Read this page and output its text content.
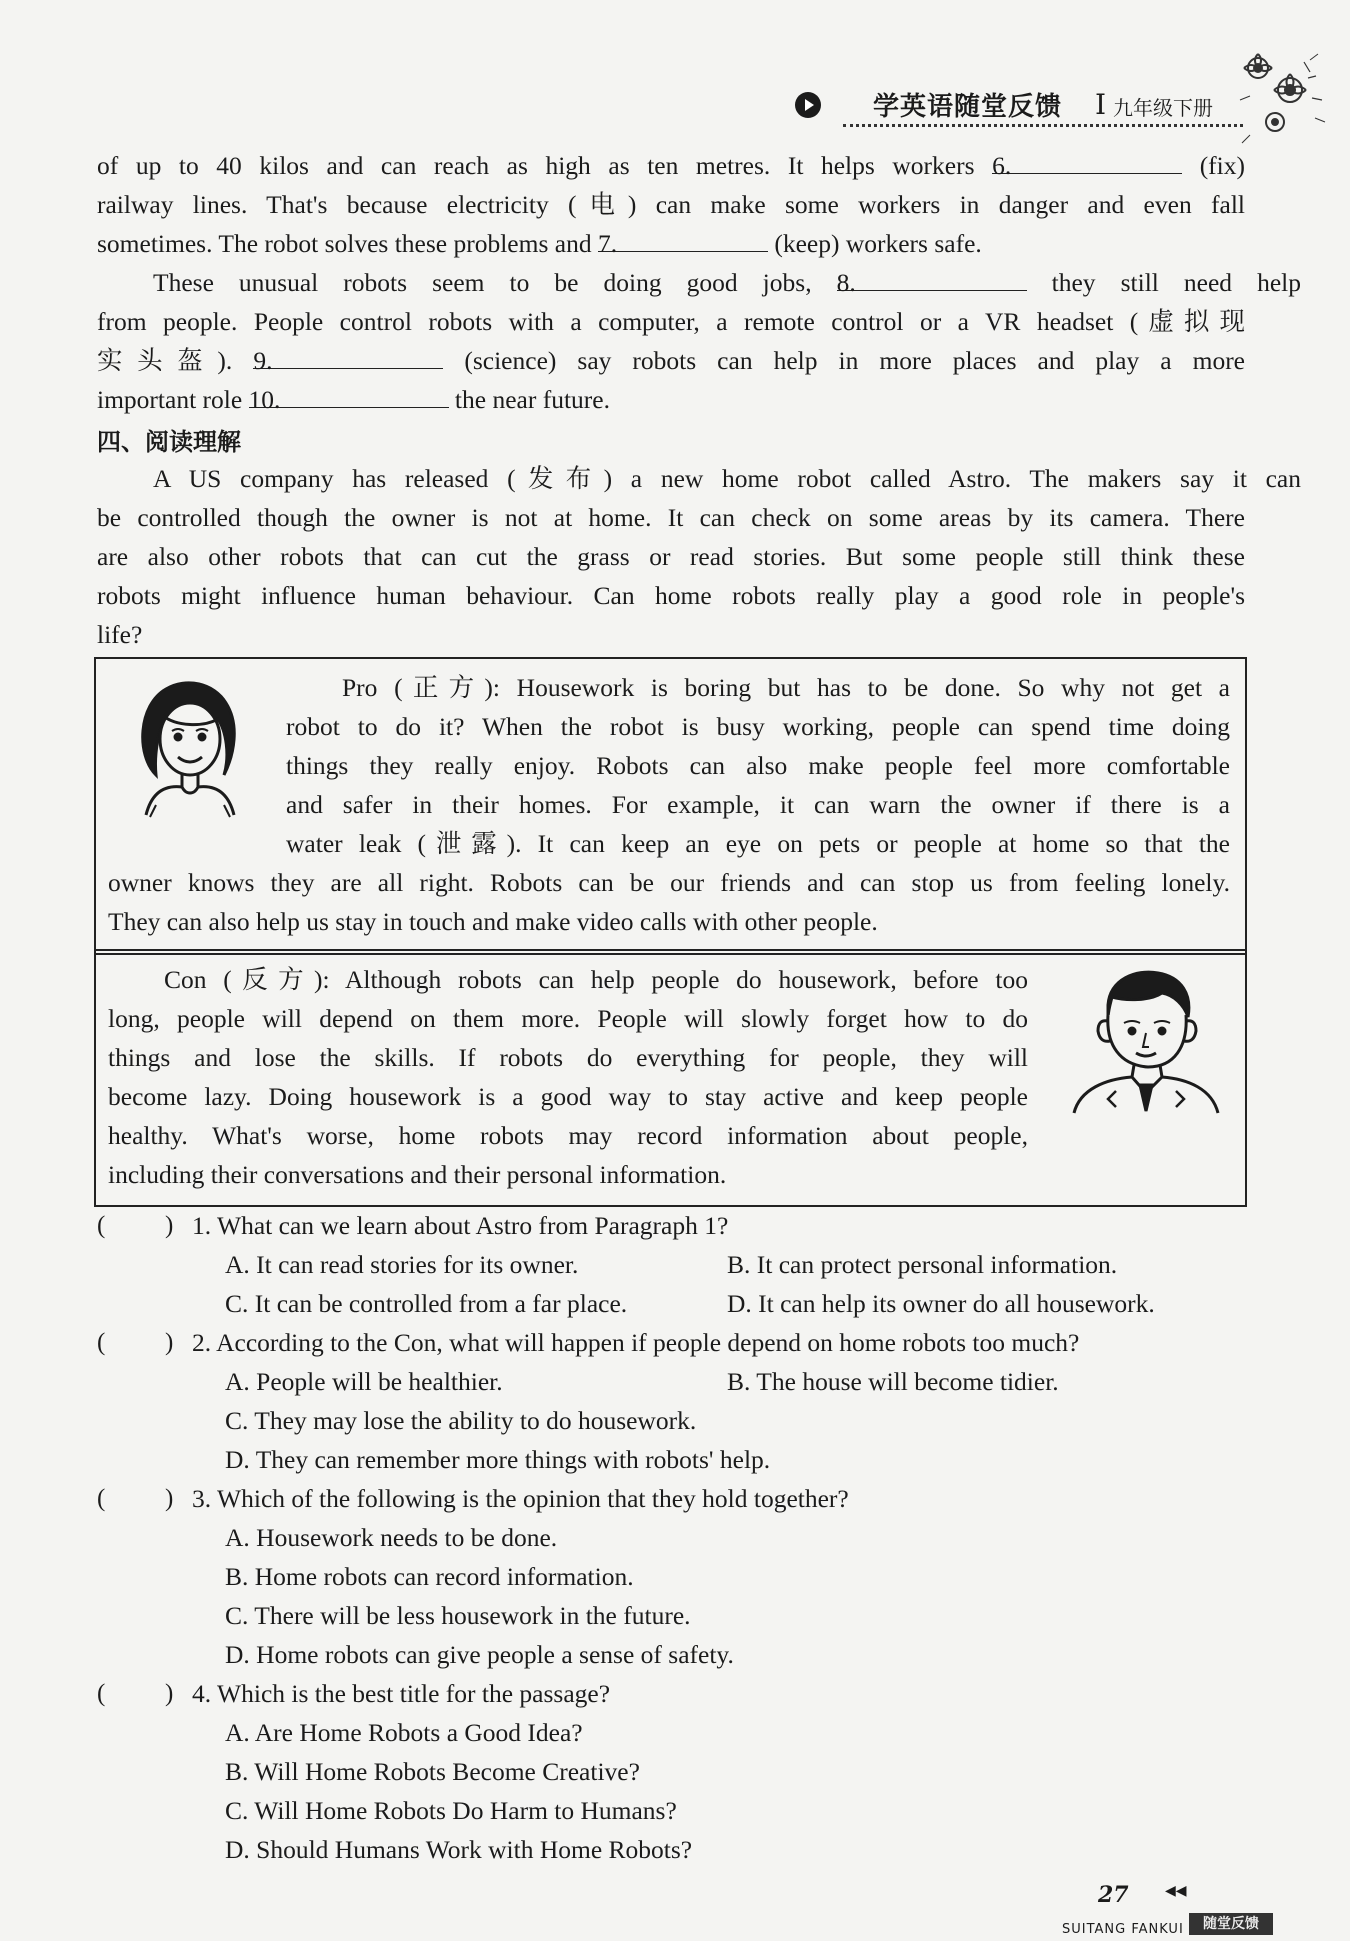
学英语随堂反馈 I 九年级下册
of up to 40 kilos and can reach as high as ten metres. It helps workers 6.	(fix)
railway lines. That's because electricity (电) can make some workers in danger and even fall
sometimes. The robot solves these problems and 7.	(keep) workers safe.
These unusual robots seem to be doing good jobs, 8.	they still need help
from people. People control robots with a computer, a remote control or a VR headset (虚拟现
实头盔). 9.	(science) say robots can help in more places and play a more
important role 10.	the near future.
四、阅读理解
A US company has released (发布) a new home robot called Astro. The makers say it can
be controlled though the owner is not at home. It can check on some areas by its camera. There
are also other robots that can cut the grass or read stories. But some people still think these
robots might influence human behaviour. Can home robots really play a good role in people's
life?
Pro (正方): Housework is boring but has to be done. So why not get a
robot to do it? When the robot is busy working, people can spend time doing
things they really enjoy. Robots can also make people feel more comfortable
and safer in their homes. For example, it can warn the owner if there is a
water leak (泄露). It can keep an eye on pets or people at home so that the
owner knows they are all right. Robots can be our friends and can stop us from feeling lonely.
They can also help us stay in touch and make video calls with other people.
Con (反方): Although robots can help people do housework, before too
long, people will depend on them more. People will slowly forget how to do
things and lose the skills. If robots do everything for people, they will
become lazy. Doing housework is a good way to stay active and keep people
healthy. What's worse, home robots may record information about people,
including their conversations and their personal information.
( ) 1. What can we learn about Astro from Paragraph 1?
A. It can read stories for its owner.	B. It can protect personal information.
C. It can be controlled from a far place.	D. It can help its owner do all housework.
( ) 2. According to the Con, what will happen if people depend on home robots too much?
A. People will be healthier.	B. The house will become tidier.
C. They may lose the ability to do housework.
D. They can remember more things with robots' help.
( ) 3. Which of the following is the opinion that they hold together?
A. Housework needs to be done.
B. Home robots can record information.
C. There will be less housework in the future.
D. Home robots can give people a sense of safety.
( ) 4. Which is the best title for the passage?
A. Are Home Robots a Good Idea?
B. Will Home Robots Become Creative?
C. Will Home Robots Do Harm to Humans?
D. Should Humans Work with Home Robots?
27	◀◀
SUITANG FANKUI	随堂反馈
